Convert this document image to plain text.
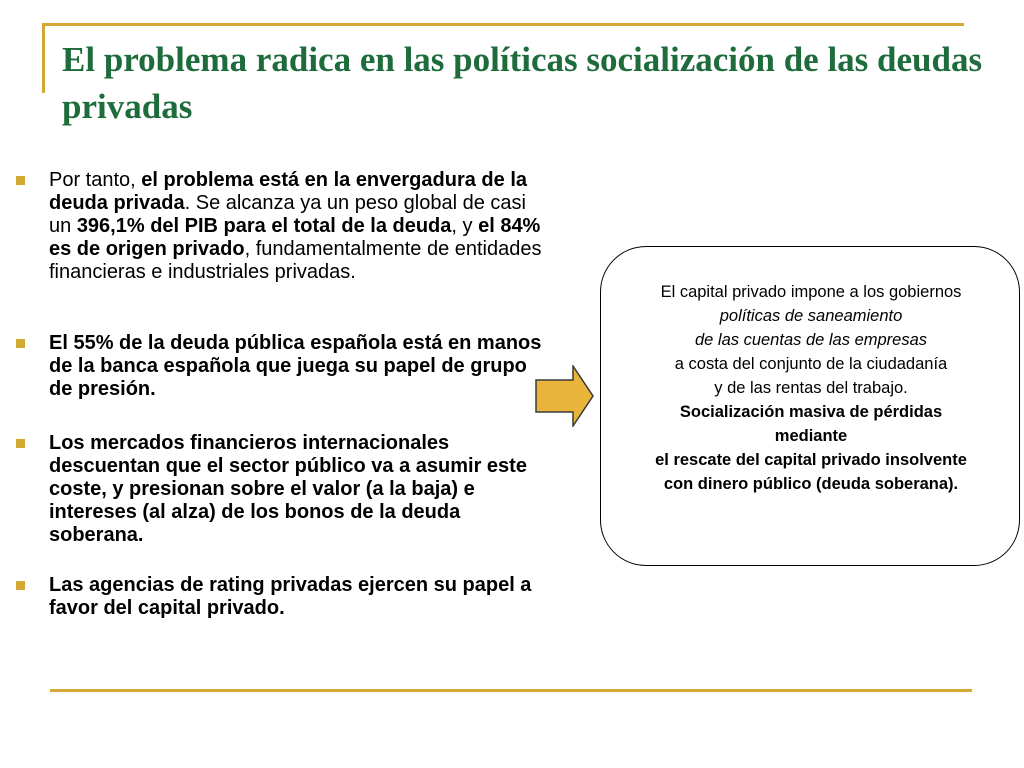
El problema radica en las políticas socialización de las deudas privadas
Por tanto, el problema está en la envergadura de la deuda privada. Se alcanza ya un peso global de casi un 396,1% del PIB para el total de la deuda, y el 84% es de origen privado, fundamentalmente de entidades financieras e industriales privadas.
El 55% de la deuda pública española está en manos de la banca española que juega su papel de grupo de presión.
Los mercados financieros internacionales descuentan que el sector público va a asumir este coste, y presionan sobre el valor (a la baja) e intereses (al alza) de los bonos de la deuda soberana.
Las agencias de rating privadas ejercen su papel a favor del capital privado.
El capital privado impone a los gobiernos
políticas de saneamiento
de las cuentas de las empresas
a costa del conjunto de la ciudadanía
y de las rentas del trabajo.
Socialización masiva de pérdidas
mediante
el rescate del capital privado insolvente
con dinero público (deuda soberana).
